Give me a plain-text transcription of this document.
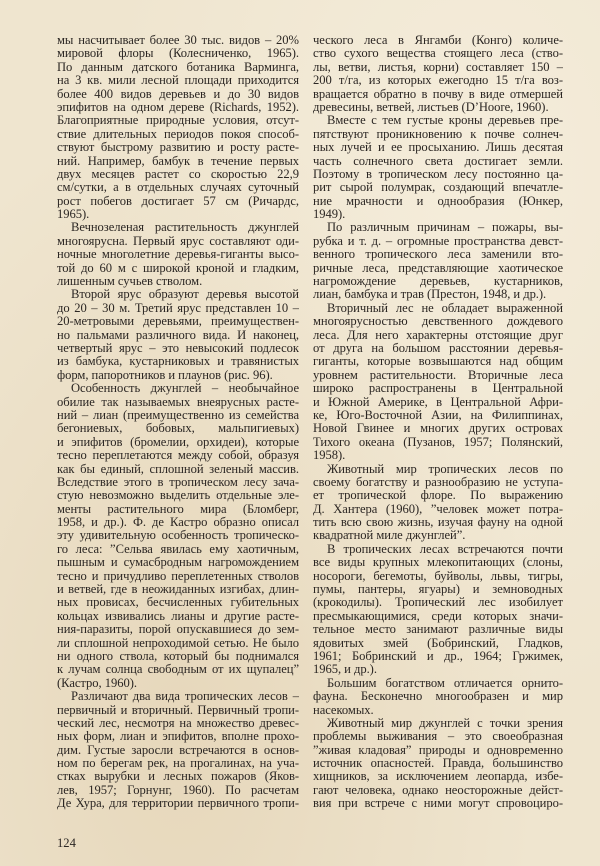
мы насчитывает более 30 тыс. видов – 20%
мировой флоры (Колесниченко, 1965).
По данным датского ботаника Варминга,
на 3 кв. мили лесной площади приходится
более 400 видов деревьев и до 30 видов
эпифитов на одном дереве (Richards, 1952).
Благоприятные природные условия, отсут-
ствие длительных периодов покоя способ-
ствуют быстрому развитию и росту расте-
ний. Например, бамбук в течение первых
двух месяцев растет со скоростью 22,9
см/сутки, а в отдельных случаях суточный
рост побегов достигает 57 см (Ричардс,
1965).
Вечнозеленая растительность джунглей
многоярусна. Первый ярус составляют оди-
ночные многолетние деревья-гиганты высо-
той до 60 м с широкой кроной и гладким,
лишенным сучьев стволом.
Второй ярус образуют деревья высотой
до 20 – 30 м. Третий ярус представлен 10 –
20-метровыми деревьями, преимуществен-
но пальмами различного вида. И наконец,
четвертый ярус – это невысокий подлесок
из бамбука, кустарниковых и травянистых
форм, папоротников и плаунов (рис. 96).
Особенность джунглей – необычайное
обилие так называемых внеярусных расте-
ний – лиан (преимущественно из семейства
бегониевых, бобовых, мальпигиевых)
и эпифитов (бромелии, орхидеи), которые
тесно переплетаются между собой, образуя
как бы единый, сплошной зеленый массив.
Вследствие этого в тропическом лесу зача-
стую невозможно выделить отдельные эле-
менты растительного мира (Бломберг,
1958, и др.). Ф. де Кастро образно описал
эту удивительную особенность тропическо-
го леса: ”Сельва явилась ему хаотичным,
пышным и сумасбродным нагромождением
тесно и причудливо переплетенных стволов
и ветвей, где в неожиданных изгибах, длин-
ных провисах, бесчисленных губительных
кольцах извивались лианы и другие расте-
ния-паразиты, порой опускавшиеся до зем-
ли сплошной непроходимой сетью. Не было
ни одного ствола, который бы поднимался
к лучам солнца свободным от их щупалец”
(Кастро, 1960).
Различают два вида тропических лесов –
первичный и вторичный. Первичный тропи-
ческий лес, несмотря на множество древес-
ных форм, лиан и эпифитов, вполне прохо-
дим. Густые заросли встречаются в основ-
ном по берегам рек, на прогалинах, на уча-
стках вырубки и лесных пожаров (Яков-
лев, 1957; Горнунг, 1960). По расчетам
Де Хура, для территории первичного тропи-
ческого леса в Янгамби (Конго) количе-
ство сухого вещества стоящего леса (ство-
лы, ветви, листья, корни) составляет 150 –
200 т/га, из которых ежегодно 15 т/га воз-
вращается обратно в почву в виде отмершей
древесины, ветвей, листьев (D’Hoore, 1960).
Вместе с тем густые кроны деревьев пре-
пятствуют проникновению к почве солнеч-
ных лучей и ее просыханию. Лишь десятая
часть солнечного света достигает земли.
Поэтому в тропическом лесу постоянно ца-
рит сырой полумрак, создающий впечатле-
ние мрачности и однообразия (Юнкер,
1949).
По различным причинам – пожары, вы-
рубка и т. д. – огромные пространства девст-
венного тропического леса заменили вто-
ричные леса, представляющие хаотическое
нагромождение деревьев, кустарников,
лиан, бамбука и трав (Престон, 1948, и др.).
Вторичный лес не обладает выраженной
многоярусностью девственного дождевого
леса. Для него характерны отстоящие друг
от друга на большом расстоянии деревья-
гиганты, которые возвышаются над общим
уровнем растительности. Вторичные леса
широко распространены в Центральной
и Южной Америке, в Центральной Афри-
ке, Юго-Восточной Азии, на Филиппинах,
Новой Гвинее и многих других островах
Тихого океана (Пузанов, 1957; Полянский,
1958).
Животный мир тропических лесов по
своему богатству и разнообразию не уступа-
ет тропической флоре. По выражению
Д. Хантера (1960), ”человек может потра-
тить всю свою жизнь, изучая фауну на одной
квадратной миле джунглей”.
В тропических лесах встречаются почти
все виды крупных млекопитающих (слоны,
носороги, бегемоты, буйволы, львы, тигры,
пумы, пантеры, ягуары) и земноводных
(крокодилы). Тропический лес изобилует
пресмыкающимися, среди которых значи-
тельное место занимают различные виды
ядовитых змей (Бобринский, Гладков,
1961; Бобринский и др., 1964; Гржимек,
1965, и др.).
Большим богатством отличается орнито-
фауна. Бесконечно многообразен и мир
насекомых.
Животный мир джунглей с точки зрения
проблемы выживания – это своеобразная
”живая кладовая” природы и одновременно
источник опасностей. Правда, большинство
хищников, за исключением леопарда, избе-
гают человека, однако неосторожные дейст-
вия при встрече с ними могут спровоциро-
124
